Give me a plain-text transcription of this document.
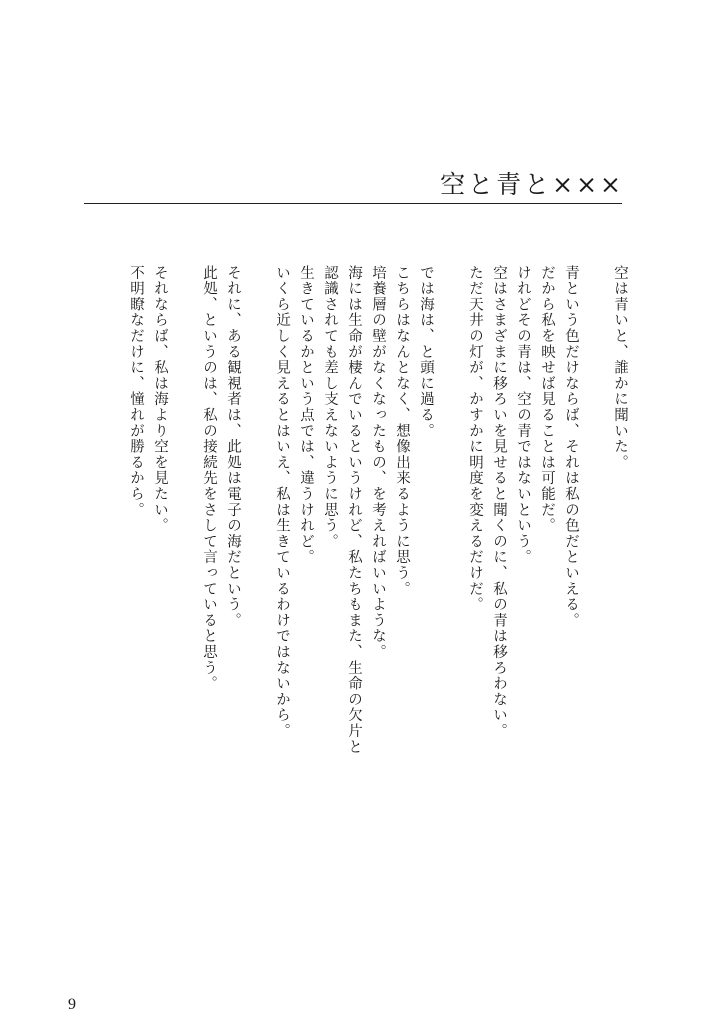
空と青と×××
空は青いと、誰かに聞いた。
青という色だけならば、それは私の色だといえる。
だから私を映せば見ることは可能だ。
けれどその青は、空の青ではないという。
空はさまざまに移ろいを見せると聞くのに、私の青は移ろわない。
ただ天井の灯が、かすかに明度を変えるだけだ。
では海は、と頭に過る。
こちらはなんとなく、想像出来るように思う。
培養層の壁がなくなったもの、を考えればいいような。
海には生命が棲んでいるというけれど、私たちもまた、生命の欠片と
認識されても差し支えないように思う。
生きているかという点では、違うけれど。
いくら近しく見えるとはいえ、私は生きているわけではないから。
それに、ある観視者は、此処は電子の海だという。
此処、というのは、私の接続先をさして言っていると思う。
それならば、私は海より空を見たい。
不明瞭なだけに、憧れが勝るから。
9
